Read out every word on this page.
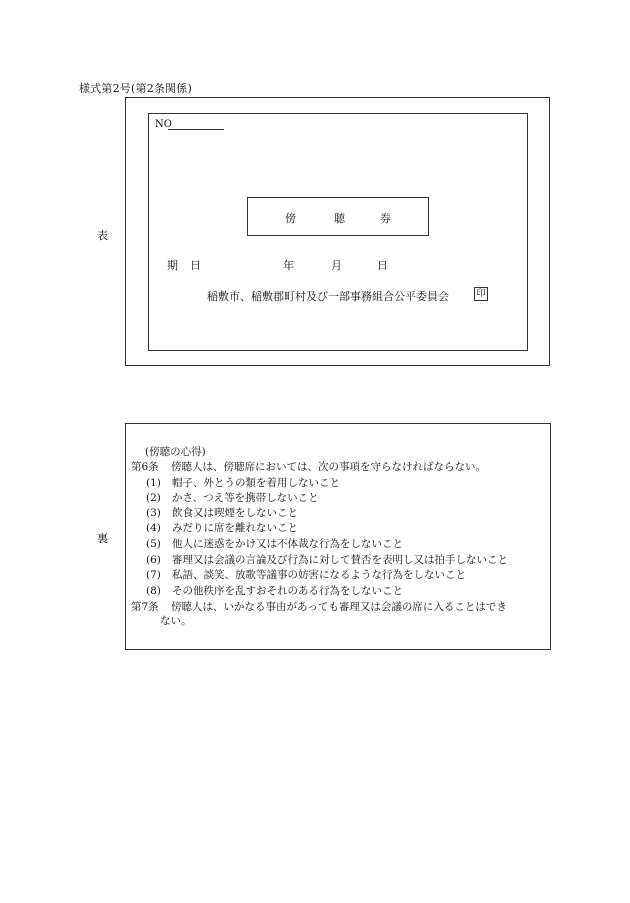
様式第2号(第2条関係)
表
NO
傍	聴	券
期 日	年	月	日
稲敷市、稲敷郡町村及び一部事務組合公平委員会	印
裏
(傍聴の心得)
第6条 傍聴人は、傍聴席においては、次の事項を守らなければならない。
(1) 帽子、外とうの類を着用しないこと
(2) かさ、つえ等を携帯しないこと
(3) 飲食又は喫煙をしないこと
(4) みだりに席を離れないこと
(5) 他人に迷惑をかけ又は不体裁な行為をしないこと
(6) 審理又は会議の言論及び行為に対して賛否を表明し又は拍手しないこと
(7) 私語、談笑、放歌等議事の妨害になるような行為をしないこと
(8) その他秩序を乱すおそれのある行為をしないこと
第7条 傍聴人は、いかなる事由があっても審理又は会議の席に入ることはでき
ない。
